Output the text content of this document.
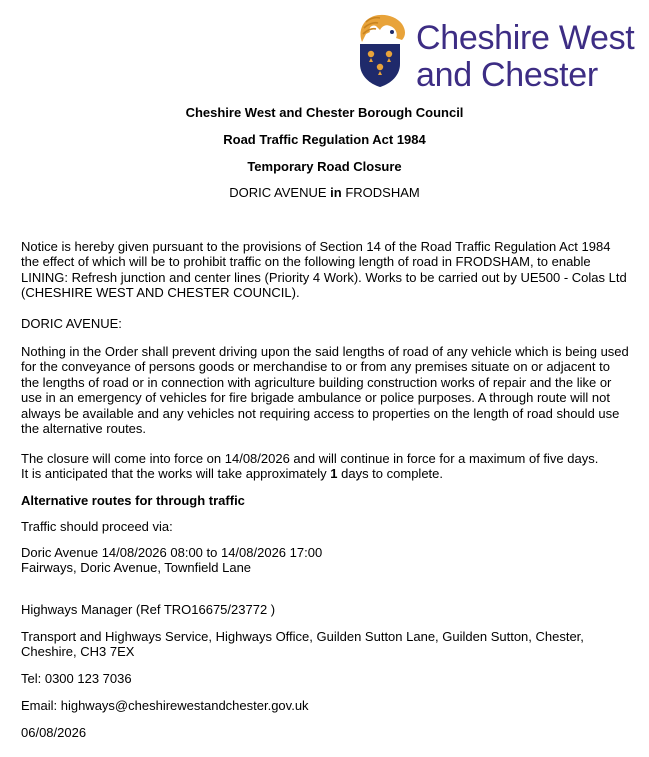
Cheshire West
and Chester
Cheshire West and Chester Borough Council
Road Traffic Regulation Act 1984
Temporary Road Closure
DORIC AVENUE in FRODSHAM

Notice is hereby given pursuant to the provisions of Section 14 of the Road Traffic Regulation Act 1984 the effect of which will be to prohibit traffic on the following length of road in FRODSHAM, to enable LINING: Refresh junction and center lines (Priority 4 Work). Works to be carried out by UE500 - Colas Ltd (CHESHIRE WEST AND CHESTER COUNCIL).

DORIC AVENUE:

Nothing in the Order shall prevent driving upon the said lengths of road of any vehicle which is being used for the conveyance of persons goods or merchandise to or from any premises situate on or adjacent to the lengths of road or in connection with agriculture building construction works of repair and the like or use in an emergency of vehicles for fire brigade ambulance or police purposes. A through route will not always be available and any vehicles not requiring access to properties on the length of road should use the alternative routes.

The closure will come into force on 14/08/2026 and will continue in force for a maximum of five days.

It is anticipated that the works will take approximately 1 days to complete.

Alternative routes for through traffic
Traffic should proceed via:

Doric Avenue 14/08/2026 08:00 to 14/08/2026 17:00

Fairways, Doric Avenue, Townfield Lane

Highways Manager (Ref TRO16675/23772 )

Transport and Highways Service, Highways Office, Guilden Sutton Lane, Guilden Sutton, Chester, Cheshire, CH3 7EX

Tel: 0300 123 7036
Email: highways@cheshirewestandchester.gov.uk
06/08/2026
